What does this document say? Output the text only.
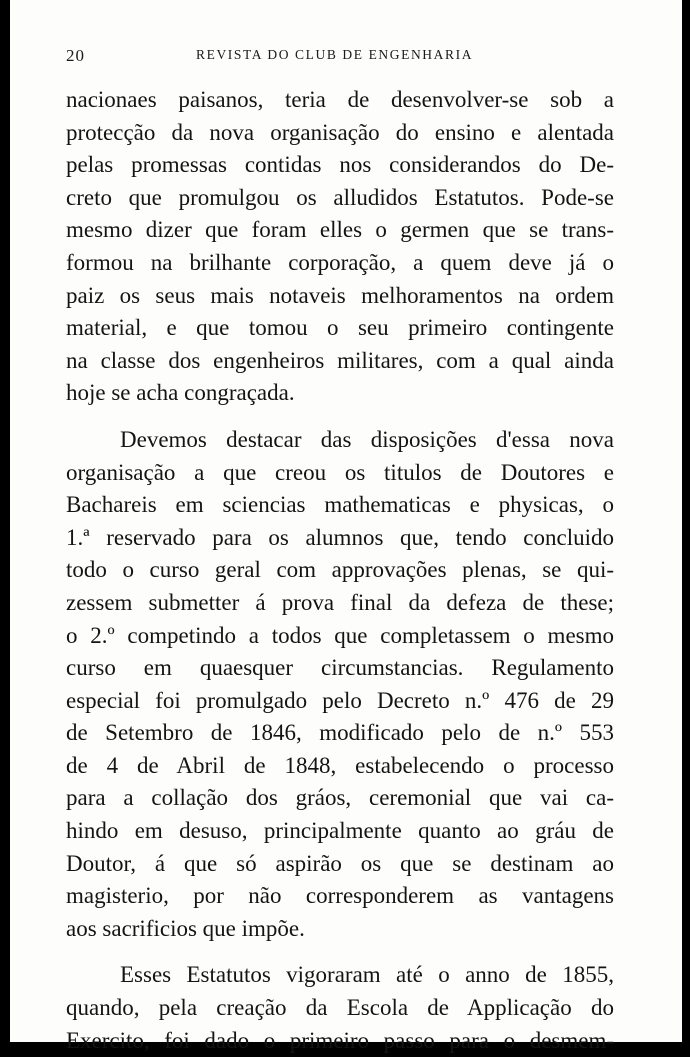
20	REVISTA DO CLUB DE ENGENHARIA
nacionaes paisanos, teria de desenvolver-se sob a
protecção da nova organisação do ensino e alentada
pelas promessas contidas nos considerandos do De-
creto que promulgou os alludidos Estatutos. Pode-se
mesmo dizer que foram elles o germen que se trans-
formou na brilhante corporação, a quem deve já o
paiz os seus mais notaveis melhoramentos na ordem
material, e que tomou o seu primeiro contingente
na classe dos engenheiros militares, com a qual ainda
hoje se acha congraçada.
Devemos destacar das disposições d'essa nova
organisação a que creou os titulos de Doutores e
Bachareis em sciencias mathematicas e physicas, o
1.ª reservado para os alumnos que, tendo concluido
todo o curso geral com approvações plenas, se qui-
zessem submetter á prova final da defeza de these;
o 2.º competindo a todos que completassem o mesmo
curso em quaesquer circumstancias. Regulamento
especial foi promulgado pelo Decreto n.º 476 de 29
de Setembro de 1846, modificado pelo de n.º 553
de 4 de Abril de 1848, estabelecendo o processo
para a collação dos gráos, ceremonial que vai ca-
hindo em desuso, principalmente quanto ao gráu de
Doutor, á que só aspirão os que se destinam ao
magisterio, por não corresponderem as vantagens
aos sacrificios que impõe.
Esses Estatutos vigoraram até o anno de 1855,
quando, pela creação da Escola de Applicação do
Exercito, foi dado o primeiro passo para o desmem-
